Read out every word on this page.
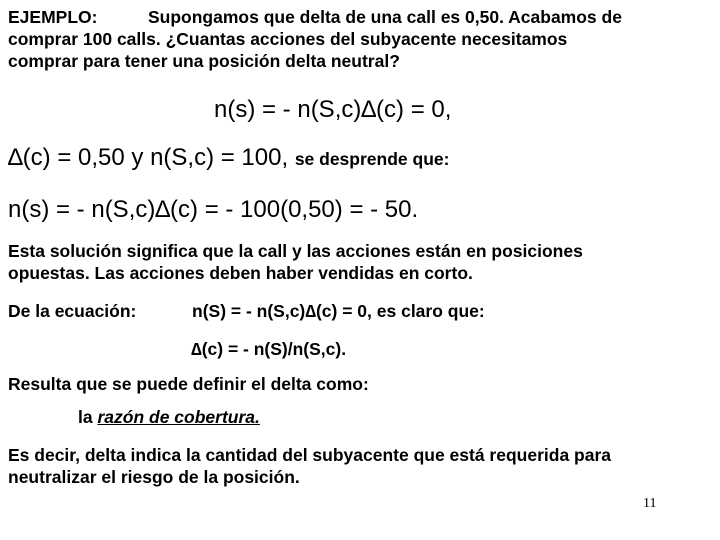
EJEMPLO:	Supongamos que delta de una call es 0,50. Acabamos de
comprar 100 calls. ¿Cuantas acciones del subyacente necesitamos
comprar para tener una posición delta neutral?
n(s) = - n(S,c)∆(c) = 0,
∆(c) = 0,50 y n(S,c) = 100, se desprende que:
n(s) = - n(S,c)∆(c) = - 100(0,50) = - 50.
Esta solución significa que la call y las acciones están en posiciones
opuestas. Las acciones deben haber vendidas en corto.
De la ecuación:	n(S) = - n(S,c)∆(c) = 0, es claro que:
∆(c) = - n(S)/n(S,c).
Resulta que se puede definir el delta como:
la razón de cobertura.
Es decir, delta indica la cantidad del subyacente que está requerida para
neutralizar el riesgo de la posición.
11
